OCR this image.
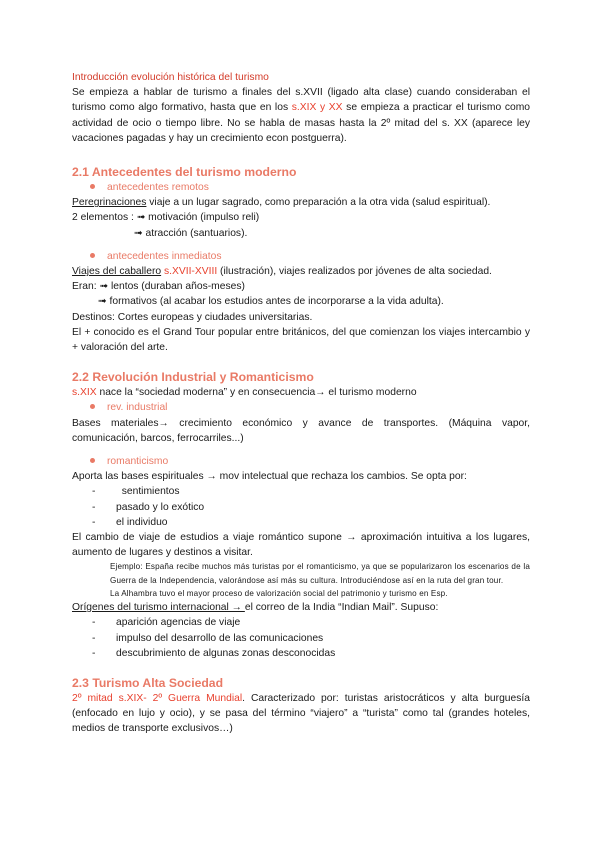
Introducción evolución histórica del turismo

Se empieza a hablar de turismo a finales del s.XVII (ligado alta clase) cuando consideraban el turismo como algo formativo, hasta que en los s.XIX y XX se empieza a practicar el turismo como actividad de ocio o tiempo libre. No se habla de masas hasta la 2º mitad del s. XX (aparece ley vacaciones pagadas y hay un crecimiento econ postguerra).

2.1 Antecedentes del turismo moderno
antecedentes remotos

Peregrinaciones viaje a un lugar sagrado, como preparación a la otra vida (salud espiritual).

2 elementos : ➟ motivación (impulso reli)

➟ atracción (santuarios).

antecedentes inmediatos

Viajes del caballero s.XVII-XVIII (ilustración), viajes realizados por jóvenes de alta sociedad.

Eran: ➟ lentos (duraban años-meses)

➟ formativos (al acabar los estudios antes de incorporarse a la vida adulta).

Destinos: Cortes europeas y ciudades universitarias.

El + conocido es el Grand Tour popular entre británicos, del que comienzan los viajes intercambio y + valoración del arte.

2.2 Revolución Industrial y Romanticismo

s.XIX nace la “sociedad moderna” y en consecuencia→ el turismo moderno

rev. industrial

Bases materiales→ crecimiento económico y avance de transportes. (Máquina vapor, comunicación, barcos, ferrocarriles...)

romanticismo

Aporta las bases espirituales → mov intelectual que rechaza los cambios. Se opta por:

-	sentimientos
-	pasado y lo exótico
-	el individuo

El cambio de viaje de estudios a viaje romántico supone → aproximación intuitiva a los lugares, aumento de lugares y destinos a visitar.

Ejemplo: España recibe muchos más turistas por el romanticismo, ya que se popularizaron los escenarios de la Guerra de la Independencia, valorándose así más su cultura. Introduciéndose así en la ruta del gran tour.

La Alhambra tuvo el mayor proceso de valorización social del patrimonio y turismo en Esp.

Orígenes del turismo internacional → el correo de la India “Indian Mail”. Supuso:

-	aparición agencias de viaje
-	impulso del desarrollo de las comunicaciones
-	descubrimiento de algunas zonas desconocidas
2.3 Turismo Alta Sociedad

2º mitad s.XIX- 2º Guerra Mundial. Caracterizado por: turistas aristocráticos y alta burguesía (enfocado en lujo y ocio), y se pasa del término “viajero” a “turista” como tal (grandes hoteles, medios de transporte exclusivos…)
